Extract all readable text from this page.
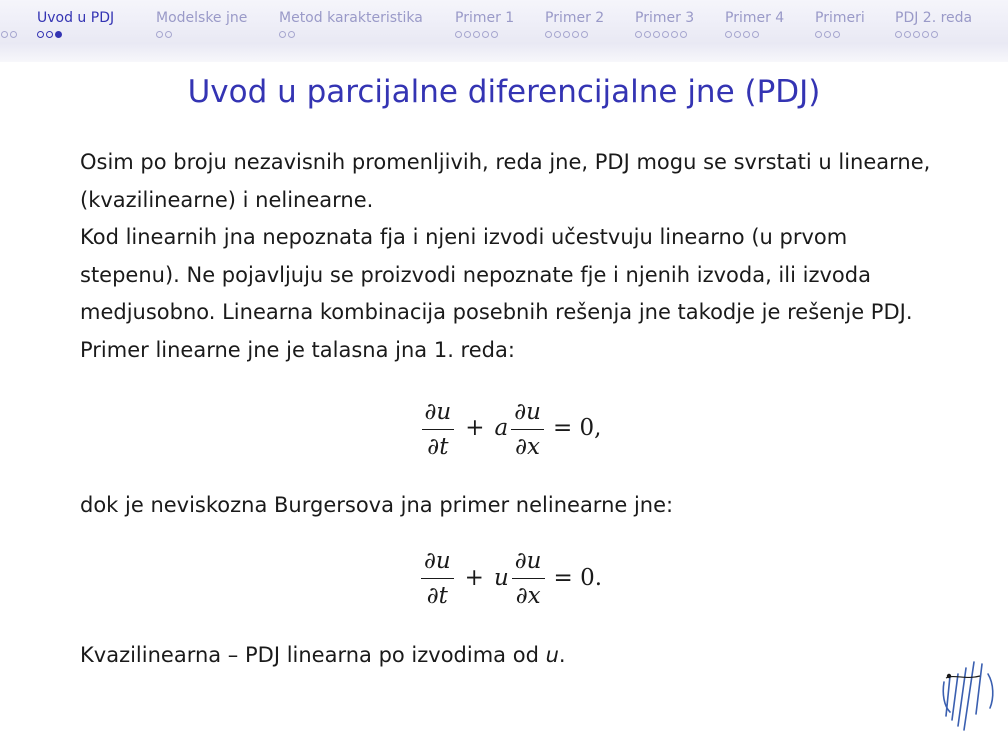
Uvod u PDJ	Modelske jne Metod karakteristika Primer 1 Primer 2 Primer 3 Primer 4 Primeri PDJ 2. reda
Uvod u parcijalne diferencijalne jne (PDJ)

Osim po broju nezavisnih promenljivih, reda jne, PDJ mogu se svrstati u linearne, (kvazilinearne) i nelinearne.

Kod linearnih jna nepoznata fja i njeni izvodi učestvuju linearno (u prvom stepenu). Ne pojavljuju se proizvodi nepoznate fje i njenih izvoda, ili izvoda medjusobno. Linearna kombinacija posebnih rešenja jne takodje je rešenje PDJ.

Primer linearne jne je talasna jna 1. reda:

$\frac{\partial u}{\partial t} + a \frac{\partial u}{\partial x} = 0$,

dok je neviskozna Burgersova jna primer nelinearne jne:

$\frac{\partial u}{\partial t} + u \frac{\partial u}{\partial x} = 0$.

Kvazilinearna – PDJ linearna po izvodima od u.
